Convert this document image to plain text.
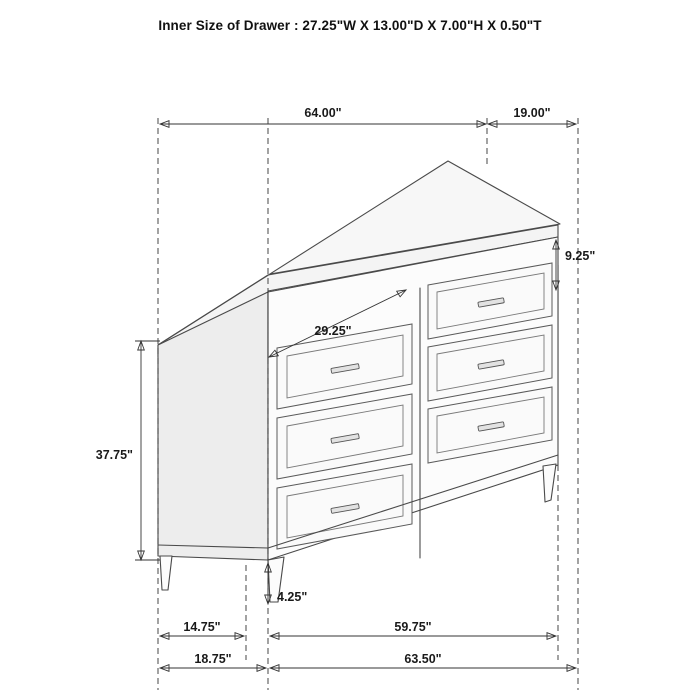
Inner Size of Drawer : 27.25"W X 13.00"D X 7.00"H X 0.50"T
64.00"	19.00"
9.25"
29.25"
37.75"
4.25"
14.75"	59.75"
18.75"	63.50"
